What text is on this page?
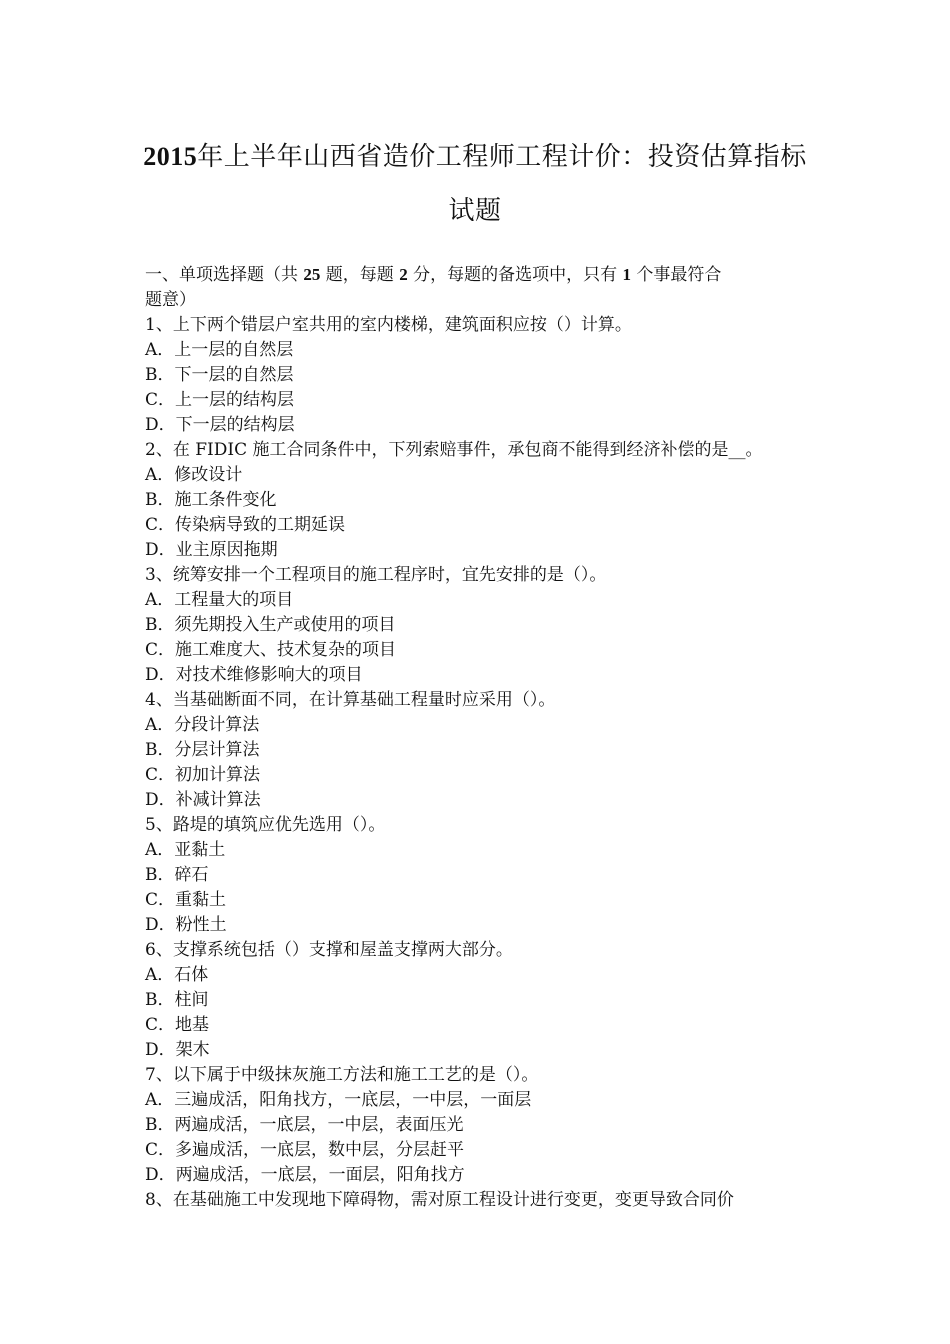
2015年上半年山西省造价工程师工程计价：投资估算指标
试题
一、单项选择题（共 25 题，每题 2 分，每题的备选项中，只有 1 个事最符合
题意）
1、上下两个错层户室共用的室内楼梯，建筑面积应按（）计算。
A．上一层的自然层
B．下一层的自然层
C．上一层的结构层
D．下一层的结构层
2、在 FIDIC 施工合同条件中，下列索赔事件，承包商不能得到经济补偿的是__。
A．修改设计
B．施工条件变化
C．传染病导致的工期延误
D．业主原因拖期
3、统筹安排一个工程项目的施工程序时，宜先安排的是（）。
A．工程量大的项目
B．须先期投入生产或使用的项目
C．施工难度大、技术复杂的项目
D．对技术维修影响大的项目
4、当基础断面不同，在计算基础工程量时应采用（）。
A．分段计算法
B．分层计算法
C．初加计算法
D．补减计算法
5、路堤的填筑应优先选用（）。
A．亚黏土
B．碎石
C．重黏土
D．粉性土
6、支撑系统包括（）支撑和屋盖支撑两大部分。
A．石体
B．柱间
C．地基
D．架木
7、以下属于中级抹灰施工方法和施工工艺的是（）。
A．三遍成活，阳角找方，一底层，一中层，一面层
B．两遍成活，一底层，一中层，表面压光
C．多遍成活，一底层，数中层，分层赶平
D．两遍成活，一底层，一面层，阳角找方
8、在基础施工中发现地下障碍物，需对原工程设计进行变更，变更导致合同价
